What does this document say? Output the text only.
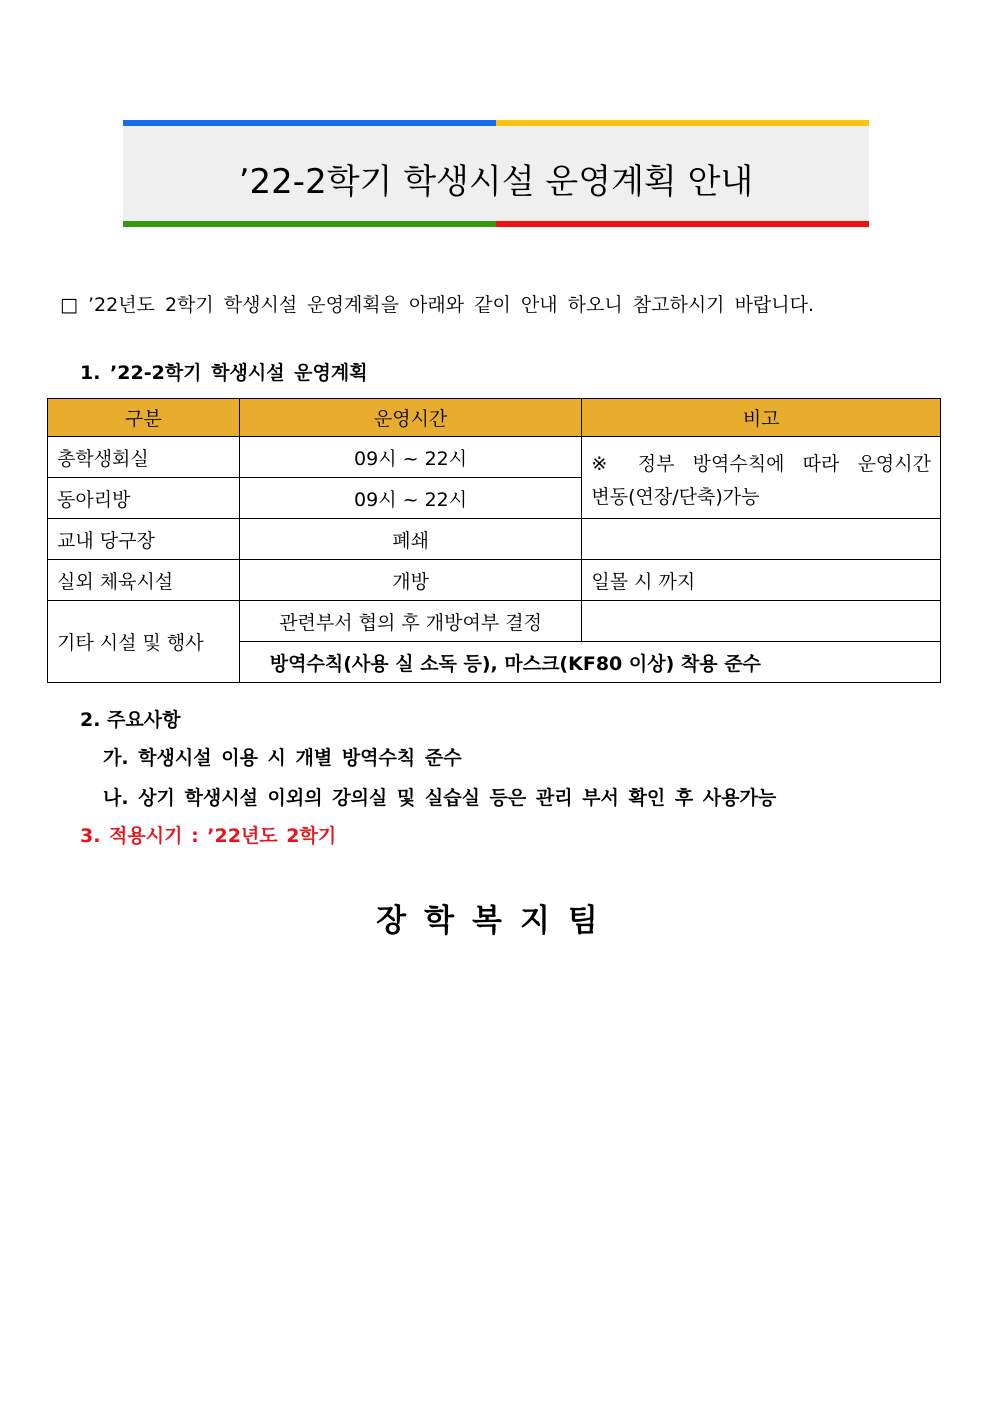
’22-2학기 학생시설 운영계획 안내
□ ’22년도 2학기 학생시설 운영계획을 아래와 같이 안내 하오니 참고하시기 바랍니다.
1. ’22-2학기 학생시설 운영계획
구분	운영시간	비고
총학생회실	09시 ~ 22시	※ 정부 방역수칙에 따라 운영시간
변동(연장/단축)가능

동아리방	09시 ~ 22시	
교내 당구장	폐쇄	
실외 체육시설	개방	일몰 시 까지
기타 시설 및 행사	관련부서 협의 후 개방여부 결정	
	방역수칙(사용 실 소독 등), 마스크(KF80 이상) 착용 준수	
2. 주요사항
가. 학생시설 이용 시 개별 방역수칙 준수
나. 상기 학생시설 이외의 강의실 및 실습실 등은 관리 부서 확인 후 사용가능
3. 적용시기 : ’22년도 2학기
장학복지팀
